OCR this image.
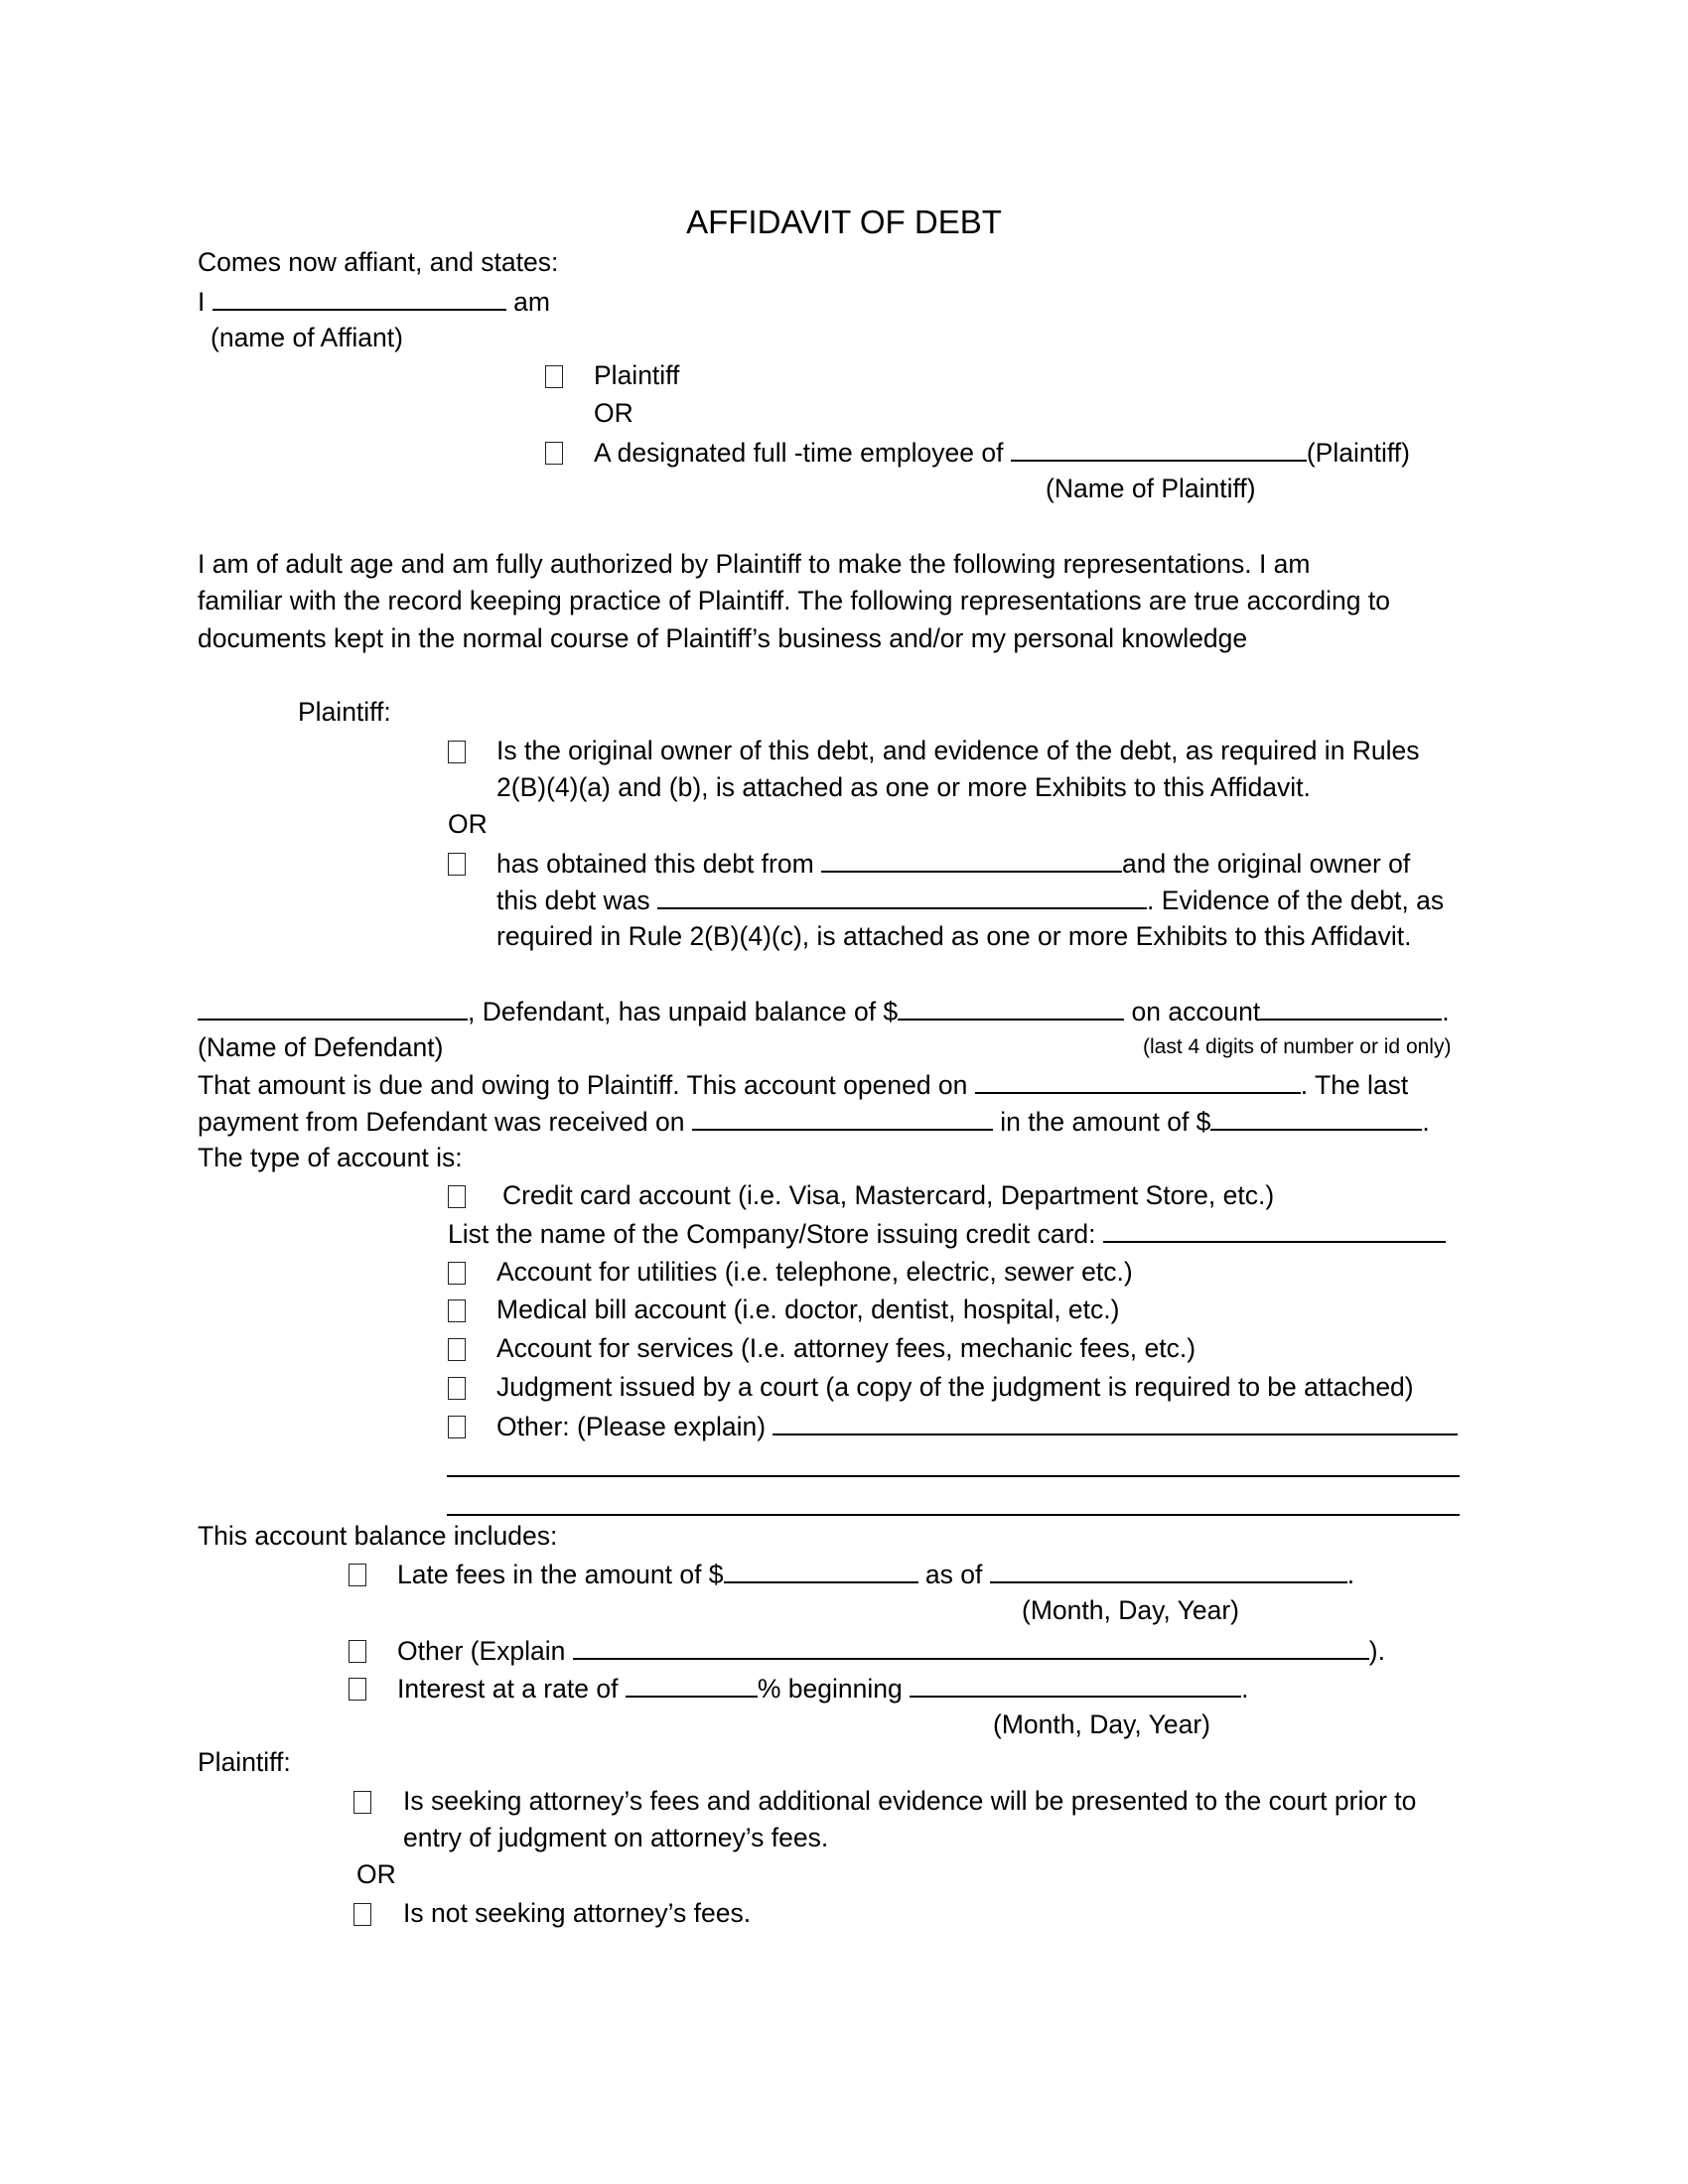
AFFIDAVIT OF DEBT
Comes now affiant, and states:
I	am
(name of Affiant)
Plaintiff
OR
A designated full -time employee of	(Plaintiff)
(Name of Plaintiff)
I am of adult age and am fully authorized by Plaintiff to make the following representations. I am
familiar with the record keeping practice of Plaintiff. The following representations are true according to
documents kept in the normal course of Plaintiff’s business and/or my personal knowledge
Plaintiff:
Is the original owner of this debt, and evidence of the debt, as required in Rules
2(B)(4)(a) and (b), is attached as one or more Exhibits to this Affidavit.
OR
has obtained this debt from	and the original owner of
this debt was	. Evidence of the debt, as
required in Rule 2(B)(4)(c), is attached as one or more Exhibits to this Affidavit.
, Defendant, has unpaid balance of $	on account	.
(Name of Defendant)	(last 4 digits of number or id only)
That amount is due and owing to Plaintiff. This account opened on	. The last
payment from Defendant was received on	in the amount of $	.
The type of account is:
Credit card account (i.e. Visa, Mastercard, Department Store, etc.)
List the name of the Company/Store issuing credit card:
Account for utilities (i.e. telephone, electric, sewer etc.)
Medical bill account (i.e. doctor, dentist, hospital, etc.)
Account for services (I.e. attorney fees, mechanic fees, etc.)
Judgment issued by a court (a copy of the judgment is required to be attached)
Other: (Please explain)
This account balance includes:
Late fees in the amount of $	as of	.
(Month, Day, Year)
Other (Explain	).
Interest at a rate of	% beginning	.
(Month, Day, Year)
Plaintiff:
Is seeking attorney’s fees and additional evidence will be presented to the court prior to
entry of judgment on attorney’s fees.
OR
Is not seeking attorney’s fees.
